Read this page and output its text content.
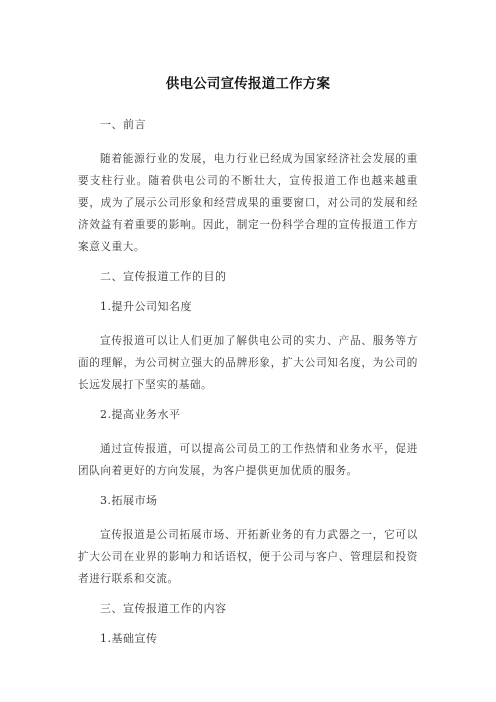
供电公司宣传报道工作方案
一、前言
随着能源行业的发展，电力行业已经成为国家经济社会发展的重要支柱行业。随着供电公司的不断壮大，宣传报道工作也越来越重要，成为了展示公司形象和经营成果的重要窗口，对公司的发展和经济效益有着重要的影响。因此，制定一份科学合理的宣传报道工作方案意义重大。
二、宣传报道工作的目的
1.提升公司知名度
宣传报道可以让人们更加了解供电公司的实力、产品、服务等方面的理解，为公司树立强大的品牌形象，扩大公司知名度，为公司的长远发展打下坚实的基础。
2.提高业务水平
通过宣传报道，可以提高公司员工的工作热情和业务水平，促进团队向着更好的方向发展，为客户提供更加优质的服务。
3.拓展市场
宣传报道是公司拓展市场、开拓新业务的有力武器之一，它可以扩大公司在业界的影响力和话语权，便于公司与客户、管理层和投资者进行联系和交流。
三、宣传报道工作的内容
1.基础宣传
